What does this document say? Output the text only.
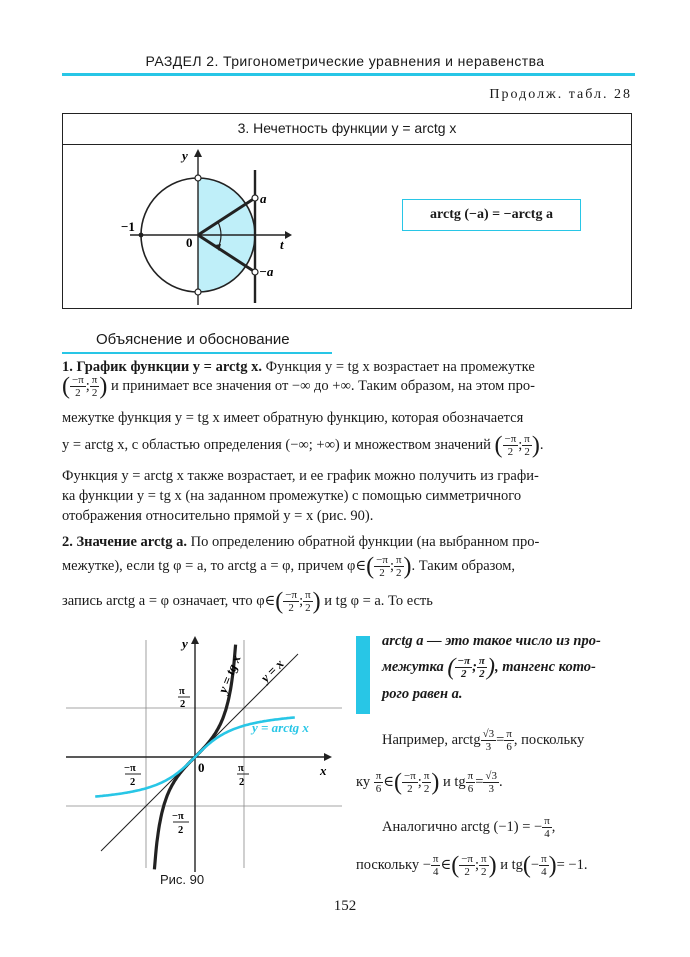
РАЗДЕЛ 2. Тригонометрические уравнения и неравенства
Продолж. табл. 28
3. Нечетность функции y = arctg x
y
t
0
−1
a
−a
arctg (−a) = −arctg a
Объяснение и обоснование
1. График функции y = arctg x. Функция y = tg x возрастает на промежутке
( $\frac{-\pi}{2}$ ; $\frac{\pi}{2}$ ) и принимает все значения от −∞ до +∞. Таким образом, на этом про-
межутке функция y = tg x имеет обратную функцию, которая обозначается
y = arctg x, с областью определения (−∞; +∞) и множеством значений ( $\frac{-\pi}{2}$ ; $\frac{\pi}{2}$ ).
Функция y = arctg x также возрастает, и ее график можно получить из графи-
ка функции y = tg x (на заданном промежутке) с помощью симметричного
отображения относительно прямой y = x (рис. 90).
2. Значение arctg a. По определению обратной функции (на выбранном про-
межутке), если tg φ = a, то arctg a = φ, причем φ∈( $\frac{-\pi}{2}$ ; $\frac{\pi}{2}$ ). Таким образом,
запись arctg a = φ означает, что φ∈( $\frac{-\pi}{2}$ ; $\frac{\pi}{2}$ ) и tg φ = a. То есть
y
x
0
y = arctg x
y = tg x y = x
π
2
−π
2
π
2
−π
2
Рис. 90
arctg a — это такое число из про-
межутка ( $\frac{-\pi}{2}$ ; $\frac{\pi}{2}$ ), тангенс кото-
рого равен a.
Например, arctg $\frac{√3}{3} = \frac{\pi}{6}$ , поскольку
ку $\frac{\pi}{6}$ ∈( $\frac{-\pi}{2}$ ; $\frac{\pi}{2}$ ) и tg $\frac{\pi}{6} = \frac{√3}{3}$ .
Аналогично arctg (−1) = − $\frac{\pi}{4}$ ,
поскольку − $\frac{\pi}{4}$ ∈( $\frac{-\pi}{2}$ ; $\frac{\pi}{2}$ ) и $tg(- \frac{\pi}{4}$ )= −1.
152
